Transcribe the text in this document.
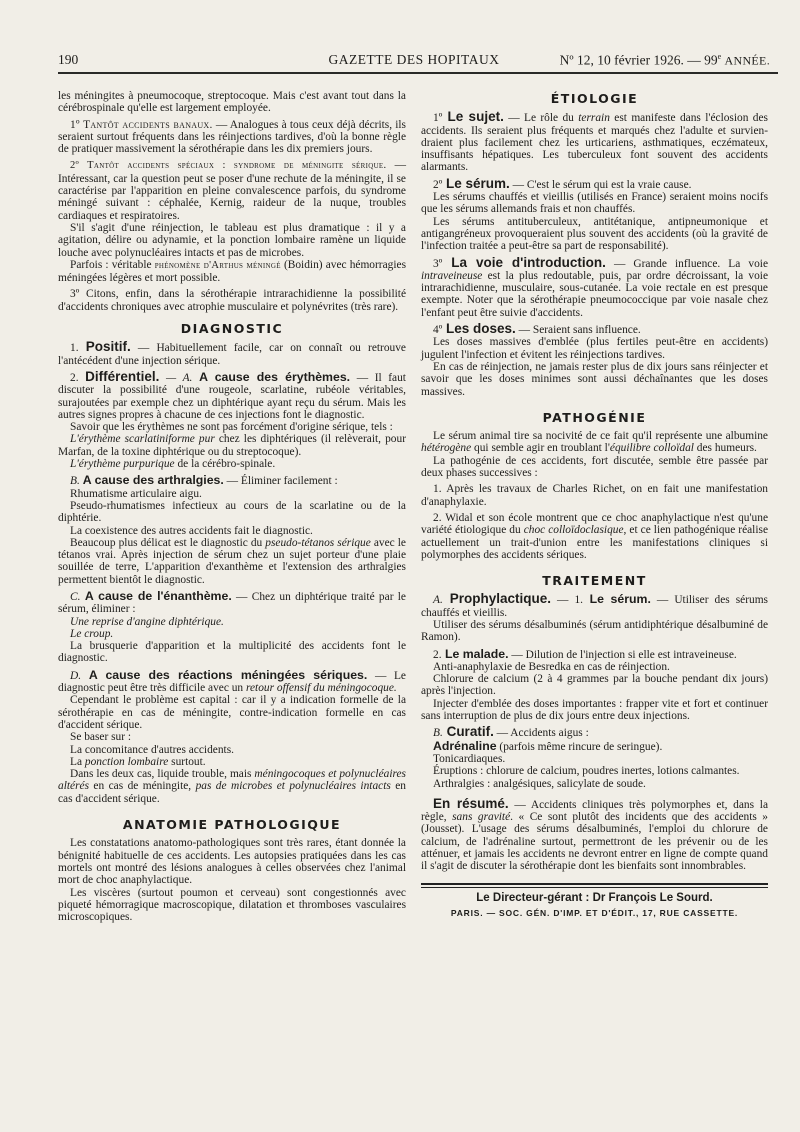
190	GAZETTE DES HOPITAUX	Nº 12, 10 février 1926. — 99e ANNÉE.

les méningites à pneumocoque, streptocoque. Mais c'est avant tout dans la cérébrospinale qu'elle est largement employée.

1º Tantôt accidents banaux. — Analogues à tous ceux déjà décrits, ils seraient surtout fréquents dans les réinjections tardives, d'où la bonne règle de pratiquer massivement la sérothérapie dans les dix premiers jours.

2º Tantôt accidents spéciaux : syndrome de méningite sérique. — Intéressant, car la question peut se poser d'une rechute de la méningite, il se caractérise par l'apparition en pleine convalescence parfois, du syndrome méningé suivant : céphalée, Kernig, raideur de la nuque, troubles cardiaques et respiratoires.

S'il s'agit d'une réinjection, le tableau est plus dramatique : il y a agitation, délire ou adynamie, et la ponction lombaire ramène un liquide louche avec polynucléaires intacts et pas de microbes.

Parfois : véritable phénomène d'Arthus méningé (Boidin) avec hémorragies méningées légères et mort possible.

3º Citons, enfin, dans la sérothérapie intrarachidienne la possibilité d'accidents chroniques avec atrophie musculaire et polynévrites (très rare).

DIAGNOSTIC

1. Positif. — Habituellement facile, car on connaît ou retrouve l'antécédent d'une injection sérique.

2. Différentiel. — A. A cause des érythèmes. — Il faut discuter la possibilité d'une rougeole, scarlatine, rubéole véritables, surajoutées par exemple chez un diphtérique ayant reçu du sérum. Mais les autres signes propres à chacune de ces injections font le diagnostic.

Savoir que les érythèmes ne sont pas forcément d'origine sérique, tels :

L'érythème scarlatiniforme pur chez les diphtériques (il relèverait, pour Marfan, de la toxine diphtérique ou du streptocoque).

L'érythème purpurique de la cérébro-spinale.

B. A cause des arthralgies. — Éliminer facilement :

Rhumatisme articulaire aigu.

Pseudo-rhumatismes infectieux au cours de la scarlatine ou de la diphtérie.

La coexistence des autres accidents fait le diagnostic.

Beaucoup plus délicat est le diagnostic du pseudo-tétanos sérique avec le tétanos vrai. Après injection de sérum chez un sujet porteur d'une plaie souillée de terre, L'apparition d'exanthème et l'extension des arthralgies permettent bientôt le diagnostic.

C. A cause de l'énanthème. — Chez un diphtérique traité par le sérum, éliminer :

Une reprise d'angine diphtérique.

Le croup.

La brusquerie d'apparition et la multiplicité des accidents font le diagnostic.

D. A cause des réactions méningées sériques. — Le diagnostic peut être très difficile avec un retour offensif du méningocoque.

Cependant le problème est capital : car il y a indication formelle de la sérothérapie en cas de méningite, contre-indication formelle en cas d'accident sérique.

Se baser sur :

La concomitance d'autres accidents.

La ponction lombaire surtout.

Dans les deux cas, liquide trouble, mais méningocoques et polynucléaires altérés en cas de méningite, pas de microbes et polynucléaires intacts en cas d'accident sérique.

ANATOMIE PATHOLOGIQUE

Les constatations anatomo-pathologiques sont très rares, étant donnée la bénignité habituelle de ces accidents. Les autopsies pratiquées dans les cas mortels ont montré des lésions analogues à celles observées chez l'animal mort de choc anaphylactique.

Les viscères (surtout poumon et cerveau) sont congestionnés avec piqueté hémorragique macroscopique, dilatation et thromboses vasculaires microscopiques.

ÉTIOLOGIE

1º Le sujet. — Le rôle du terrain est manifeste dans l'éclosion des accidents. Ils seraient plus fréquents et marqués chez l'adulte et surviendraient plus facilement chez les urticariens, asthmatiques, eczémateux, insuffisants hépatiques. Les tuberculeux font souvent des accidents alarmants.

2º Le sérum. — C'est le sérum qui est la vraie cause.

Les sérums chauffés et vieillis (utilisés en France) seraient moins nocifs que les sérums allemands frais et non chauffés.

Les sérums antituberculeux, antitétanique, antipneumonique et antigangréneux provoqueraient plus souvent des accidents (où la gravité de l'infection traitée a peut-être sa part de responsabilité).

3º La voie d'introduction. — Grande influence. La voie intraveineuse est la plus redoutable, puis, par ordre décroissant, la voie intrarachidienne, musculaire, sous-cutanée. La voie rectale en est presque exempte. Noter que la sérothérapie pneumococcique par voie nasale chez l'enfant peut être suivie d'accidents.

4º Les doses. — Seraient sans influence.

Les doses massives d'emblée (plus fertiles peut-être en accidents) jugulent l'infection et évitent les réinjections tardives.

En cas de réinjection, ne jamais rester plus de dix jours sans réinjecter et savoir que les doses minimes sont aussi déchaînantes que les doses massives.

PATHOGÉNIE

Le sérum animal tire sa nocivité de ce fait qu'il représente une albumine hétérogène qui semble agir en troublant l'équilibre colloïdal des humeurs.

La pathogénie de ces accidents, fort discutée, semble être passée par deux phases successives :

1. Après les travaux de Charles Richet, on en fait une manifestation d'anaphylaxie.

2. Widal et son école montrent que ce choc anaphylactique n'est qu'une variété étiologique du choc colloïdoclasique, et ce lien pathogénique réalise actuellement un trait-d'union entre les manifestations cliniques si polymorphes des accidents sériques.

TRAITEMENT

A. Prophylactique. — 1. Le sérum. — Utiliser des sérums chauffés et vieillis.

Utiliser des sérums désalbuminés (sérum antidiphtérique désalbuminé de Ramon).

2. Le malade. — Dilution de l'injection si elle est intraveineuse.

Anti-anaphylaxie de Besredka en cas de réinjection.

Chlorure de calcium (2 à 4 grammes par la bouche pendant dix jours) après l'injection.

Injecter d'emblée des doses importantes : frapper vite et fort et continuer sans interruption de plus de dix jours entre deux injections.

B. Curatif. — Accidents aigus :

Adrénaline (parfois même rincure de seringue).

Tonicardiaques.

Éruptions : chlorure de calcium, poudres inertes, lotions calmantes.

Arthralgies : analgésiques, salicylate de soude.

En résumé. — Accidents cliniques très polymorphes et, dans la règle, sans gravité. « Ce sont plutôt des incidents que des accidents » (Jousset). L'usage des sérums désalbuminés, l'emploi du chlorure de calcium, de l'adrénaline surtout, permettront de les prévenir ou de les atténuer, et jamais les accidents ne devront entrer en ligne de compte quand il s'agit de discuter la sérothérapie dont les bienfaits sont innombrables.

Le Directeur-gérant : Dr François Le Sourd.
PARIS. — SOC. GÉN. D'IMP. ET D'ÉDIT., 17, RUE CASSETTE.
